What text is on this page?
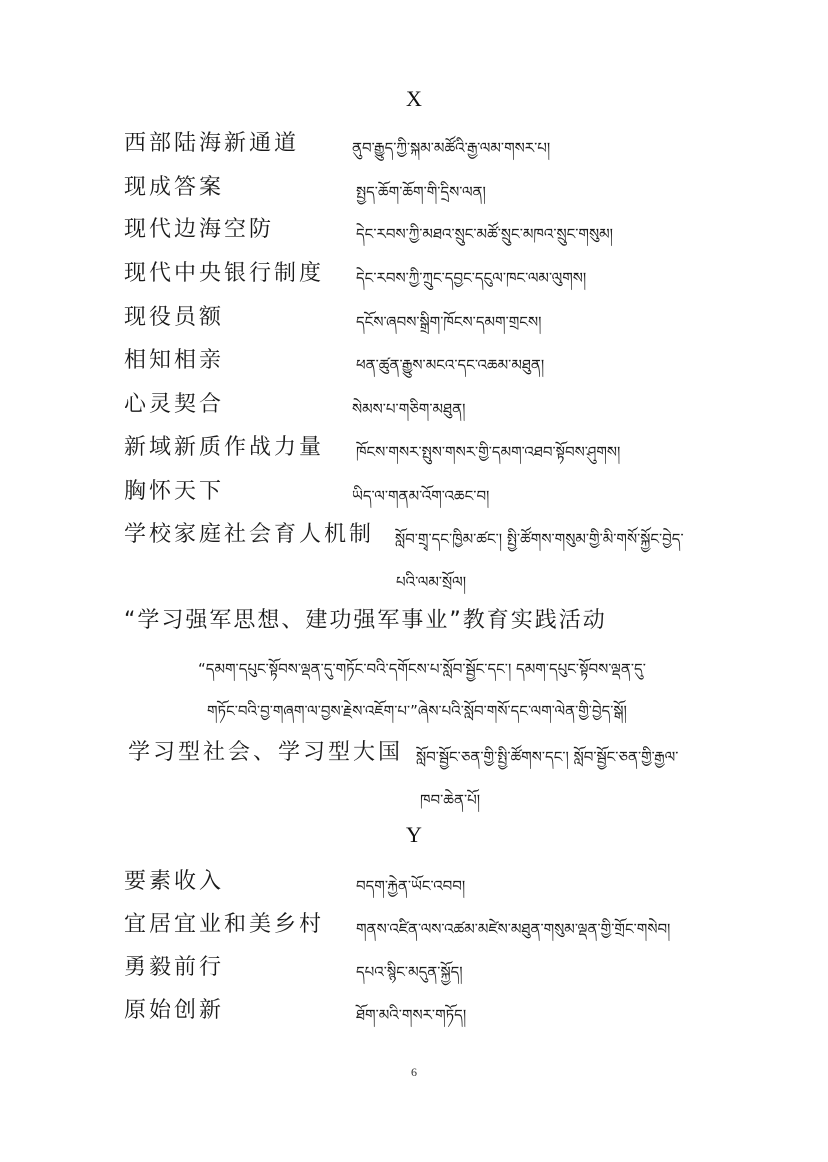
X
西部陆海新通道	ནུབ་རྒྱུད་ཀྱི་སྐམ་མཚོའི་རྒྱ་ལམ་གསར་པ།
现成答案	སྤྱད་ཆོག་ཆོག་གི་དྲིས་ལན།
现代边海空防	དེང་རབས་ཀྱི་མཐའ་སྲུང་མཚོ་སྲུང་མཁའ་སྲུང་གསུམ།
现代中央银行制度 དེང་རབས་ཀྱི་ཀྲུང་དབྱང་དངུལ་ཁང་ལམ་ལུགས།
现役员额	དངོས་ཞབས་སྒྲིག་ཁོངས་དམག་གྲངས།
相知相亲	ཕན་ཚུན་རྒྱུས་མངའ་དང་འཆམ་མཐུན།
心灵契合	སེམས་པ་གཅིག་མཐུན།
新域新质作战力量 ཁོངས་གསར་སྤུས་གསར་གྱི་དམག་འཐབ་སྟོབས་ཤུགས།
胸怀天下	ཡིད་ལ་གནམ་འོག་འཆང་བ།
学校家庭社会育人机制 སློབ་གྲྭ་དང་ཁྱིམ་ཚང་། སྤྱི་ཚོགས་གསུམ་གྱི་མི་གསོ་སྐྱོང་བྱེད་
པའི་ལམ་སྲོལ།
“学习强军思想、建功强军事业”教育实践活动
“དམག་དཔུང་སྟོབས་ལྡན་དུ་གཏོང་བའི་དགོངས་པ་སློབ་སྦྱོང་དང་། དམག་དཔུང་སྟོབས་ལྡན་དུ་
གཏོང་བའི་བྱ་གཞག་ལ་བྱས་རྗེས་འཇོག་པ་”ཞེས་པའི་སློབ་གསོ་དང་ལག་ལེན་གྱི་བྱེད་སྒོ།
学习型社会、学习型大国 སློབ་སྦྱོང་ཅན་གྱི་སྤྱི་ཚོགས་དང་། སློབ་སྦྱོང་ཅན་གྱི་རྒྱལ་
ཁབ་ཆེན་པོ།
Y
要素收入	བདག་རྐྱེན་ཡོང་འབབ།
宜居宜业和美乡村 གནས་འཛིན་ལས་འཚམ་མཛེས་མཐུན་གསུམ་ལྡན་གྱི་གྲོང་གསེབ།
勇毅前行	དཔའ་སྙིང་མདུན་སྐྱོད།
原始创新	ཐོག་མའི་གསར་གཏོད།
6
